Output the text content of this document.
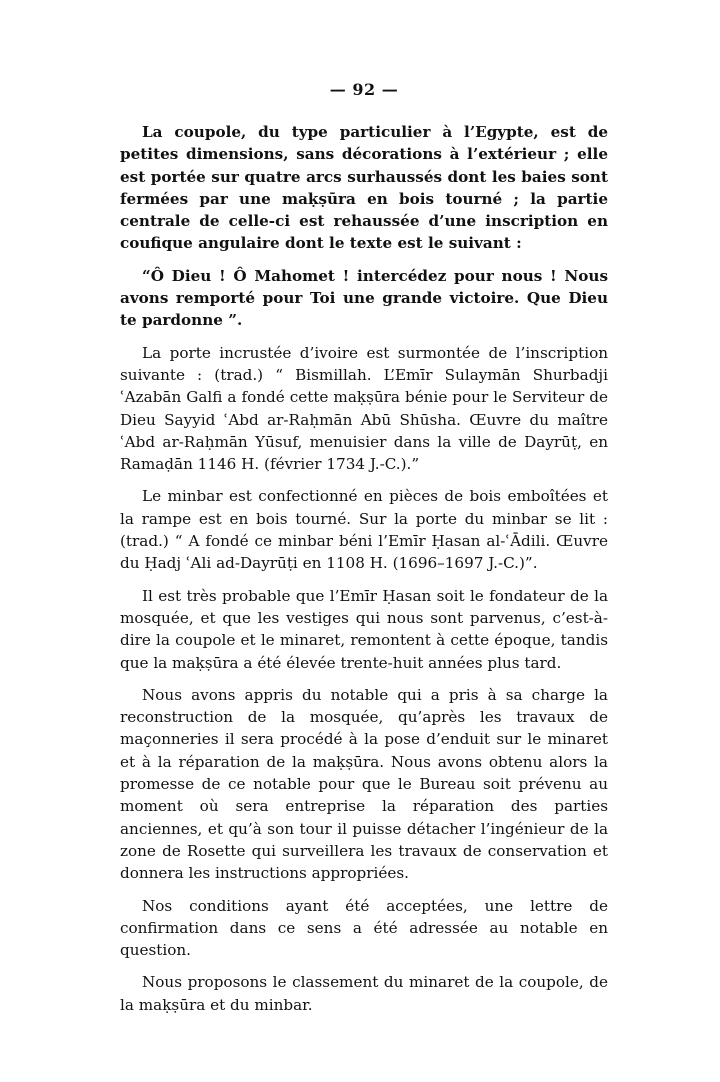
— 92 —

La coupole, du type particulier à l’Egypte, est de petites dimensions, sans décorations à l’extérieur ; elle est portée sur quatre arcs surhaussés dont les baies sont fermées par une maḳṣūra en bois tourné ; la partie centrale de celle-ci est rehaussée d’une inscription en coufique angulaire dont le texte est le suivant :

“Ô Dieu ! Ô Mahomet ! intercédez pour nous ! Nous avons remporté pour Toi une grande victoire. Que Dieu te pardonne ”.

La porte incrustée d’ivoire est surmontée de l’inscription suivante : (trad.) “ Bismillah. L’Emīr Sulaymān Shurbadji ʿAzabān Galfi a fondé cette maḳṣūra bénie pour le Serviteur de Dieu Sayyid ʿAbd ar-Raḥmān Abū Shūsha. Œuvre du maître ʿAbd ar-Raḥmān Yūsuf, menuisier dans la ville de Dayrūṭ, en Ramaḍān 1146 H. (février 1734 J.-C.).”

Le minbar est confectionné en pièces de bois emboîtées et la rampe est en bois tourné. Sur la porte du minbar se lit : (trad.) “ A fondé ce minbar béni l’Emīr Ḥasan al-ʿĀdili. Œuvre du Ḥadj ʿAli ad-Dayrūṭi en 1108 H. (1696–1697 J.-C.)”.

Il est très probable que l’Emīr Ḥasan soit le fondateur de la mosquée, et que les vestiges qui nous sont parvenus, c’est-à-dire la coupole et le minaret, remontent à cette époque, tandis que la maḳṣūra a été élevée trente-huit années plus tard.

Nous avons appris du notable qui a pris à sa charge la reconstruction de la mosquée, qu’après les travaux de maçonneries il sera procédé à la pose d’enduit sur le minaret et à la réparation de la maḳṣūra. Nous avons obtenu alors la promesse de ce notable pour que le Bureau soit prévenu au moment où sera entreprise la réparation des parties anciennes, et qu’à son tour il puisse détacher l’ingénieur de la zone de Rosette qui surveillera les travaux de conservation et donnera les instructions appropriées.

Nos conditions ayant été acceptées, une lettre de confirmation dans ce sens a été adressée au notable en question.

Nous proposons le classement du minaret de la coupole, de la maḳṣūra et du minbar.
